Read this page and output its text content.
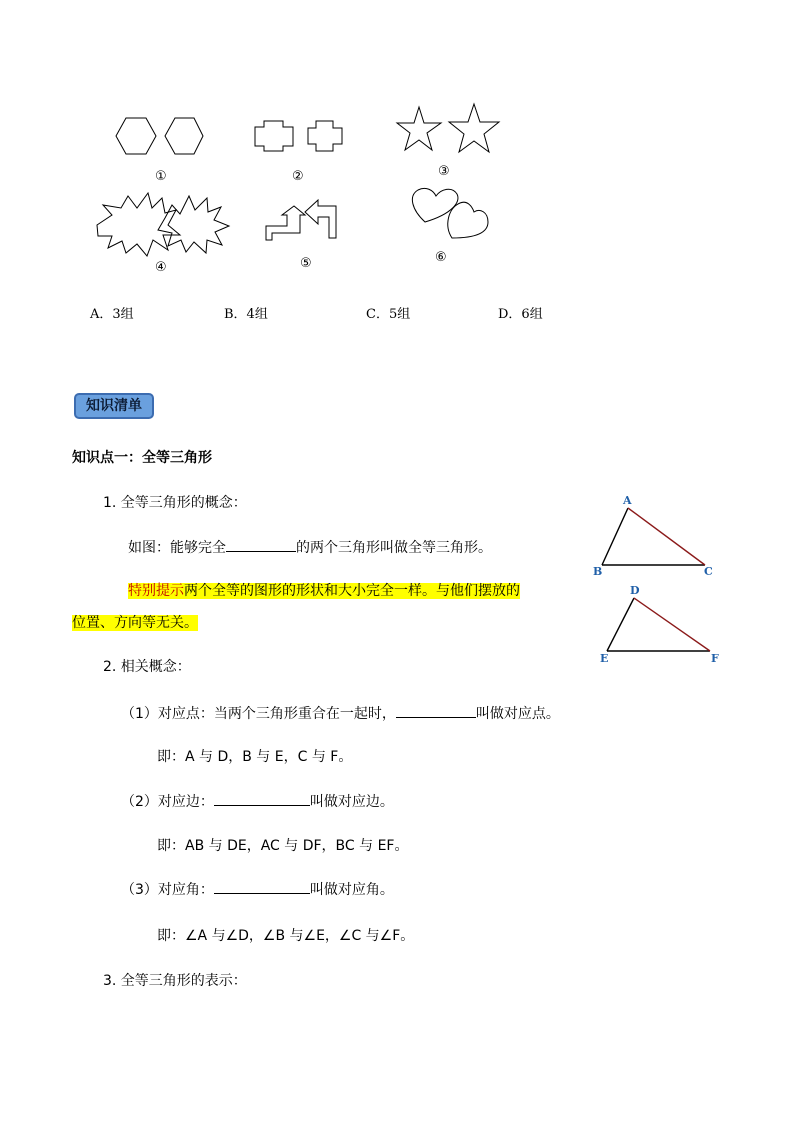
①	②	③
④	⑤	⑥
A．3组	B．4组	C．5组	D．6组
知识清单
知识点一：全等三角形
1. 全等三角形的概念：
如图：能够完全	的两个三角形叫做全等三角形。
特别提示两个全等的图形的形状和大小完全一样。与他们摆放的
位置、方向等无关。
A
B	C
D
E	F
2. 相关概念：
（1）对应点：当两个三角形重合在一起时，	叫做对应点。
即：A 与 D，B 与 E，C 与 F。
（2）对应边：	叫做对应边。
即：AB 与 DE，AC 与 DF，BC 与 EF。
（3）对应角：	叫做对应角。
即：∠A 与∠D，∠B 与∠E，∠C 与∠F。
3. 全等三角形的表示：
